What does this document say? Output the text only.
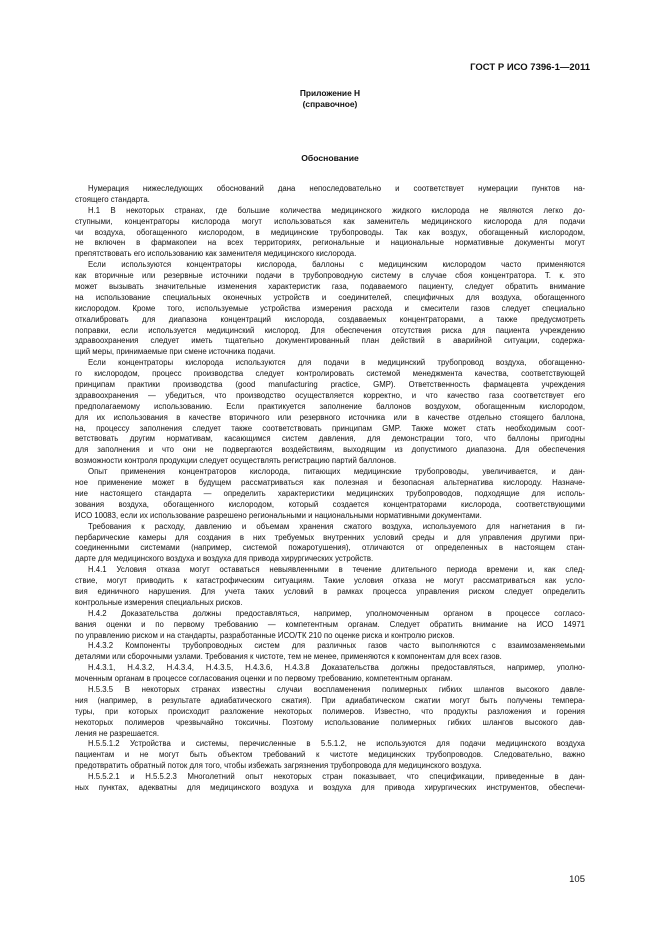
ГОСТ Р ИСО 7396-1—2011

Приложение Н
(справочное)

Обоснование

Нумерация нижеследующих обоснований дана непоследовательно и соответствует нумерации пунктов на-
стоящего стандарта.

Н.1 В некоторых странах, где большие количества медицинского жидкого кислорода не являются легко до-
ступными, концентраторы кислорода могут использоваться как заменитель медицинского кислорода для подачи
чи воздуха, обогащенного кислородом, в медицинские трубопроводы. Так как воздух, обогащенный кислородом,
не включен в фармакопеи на всех территориях, региональные и национальные нормативные документы могут
препятствовать его использованию как заменителя медицинского кислорода.

Если используются концентраторы кислорода, баллоны с медицинским кислородом часто применяются
как вторичные или резервные источники подачи в трубопроводную систему в случае сбоя концентратора. Т. к. это
может вызывать значительные изменения характеристик газа, подаваемого пациенту, следует обратить внимание
на использование специальных оконечных устройств и соединителей, специфичных для воздуха, обогащенного
кислородом. Кроме того, используемые устройства измерения расхода и смесители газов следует специально
откалибровать для диапазона концентраций кислорода, создаваемых концентраторами, а также предусмотреть
поправки, если используется медицинский кислород. Для обеспечения отсутствия риска для пациента учреждению
здравоохранения следует иметь тщательно документированный план действий в аварийной ситуации, содержа-
щий меры, принимаемые при смене источника подачи.

Если концентраторы кислорода используются для подачи в медицинский трубопровод воздуха, обогащенно-
го кислородом, процесс производства следует контролировать системой менеджмента качества, соответствующей
принципам практики производства (good manufacturing practice, GMP). Ответственность фармацевта учреждения
здравоохранения — убедиться, что производство осуществляется корректно, и что качество газа соответствует его
предполагаемому использованию. Если практикуется заполнение баллонов воздухом, обогащенным кислородом,
для их использования в качестве вторичного или резервного источника или в качестве отдельно стоящего баллона,
на, процессу заполнения следует также соответствовать принципам GMP. Также может стать необходимым соот-
ветствовать другим нормативам, касающимся систем давления, для демонстрации того, что баллоны пригодны
для заполнения и что они не подвергаются воздействиям, выходящим из допустимого диапазона. Для обеспечения
возможности контроля продукции следует осуществлять регистрацию партий баллонов.

Опыт применения концентраторов кислорода, питающих медицинские трубопроводы, увеличивается, и дан-
ное применение может в будущем рассматриваться как полезная и безопасная альтернатива кислороду. Назначе-
ние настоящего стандарта — определить характеристики медицинских трубопроводов, подходящие для исполь-
зования воздуха, обогащенного кислородом, который создается концентраторами кислорода, соответствующими
ИСО 10083, если их использование разрешено региональными и национальными нормативными документами.

Требования к расходу, давлению и объемам хранения сжатого воздуха, используемого для нагнетания в ги-
пербарические камеры для создания в них требуемых внутренних условий среды и для управления другими при-
соединенными системами (например, системой пожаротушения), отличаются от определенных в настоящем стан-
дарте для медицинского воздуха и воздуха для привода хирургических устройств.

Н.4.1 Условия отказа могут оставаться невыявленными в течение длительного периода времени и, как след-
ствие, могут приводить к катастрофическим ситуациям. Такие условия отказа не могут рассматриваться как усло-
вия единичного нарушения. Для учета таких условий в рамках процесса управления риском следует определить
контрольные измерения специальных рисков.

Н.4.2 Доказательства должны предоставляться, например, уполномоченным органом в процессе согласо-
вания оценки и по первому требованию — компетентным органам. Следует обратить внимание на ИСО 14971
по управлению риском и на стандарты, разработанные ИСО/ТК 210 по оценке риска и контролю рисков.

Н.4.3.2 Компоненты трубопроводных систем для различных газов часто выполняются с взаимозаменяемыми
деталями или сборочными узлами. Требования к чистоте, тем не менее, применяются к компонентам для всех газов.

Н.4.3.1, Н.4.3.2, Н.4.3.4, Н.4.3.5, Н.4.3.6, Н.4.3.8 Доказательства должны предоставляться, например, уполно-
моченным органам в процессе согласования оценки и по первому требованию, компетентным органам.

Н.5.3.5 В некоторых странах известны случаи воспламенения полимерных гибких шлангов высокого давле-
ния (например, в результате адиабатического сжатия). При адиабатическом сжатии могут быть получены темпера-
туры, при которых происходит разложение некоторых полимеров. Известно, что продукты разложения и горения
некоторых полимеров чрезвычайно токсичны. Поэтому использование полимерных гибких шлангов высокого дав-
ления не разрешается.

Н.5.5.1.2 Устройства и системы, перечисленные в 5.5.1.2, не используются для подачи медицинского воздуха
пациентам и не могут быть объектом требований к чистоте медицинских трубопроводов. Следовательно, важно
предотвратить обратный поток для того, чтобы избежать загрязнения трубопровода для медицинского воздуха.

Н.5.5.2.1 и Н.5.5.2.3 Многолетний опыт некоторых стран показывает, что спецификации, приведенные в дан-
ных пунктах, адекватны для медицинского воздуха и воздуха для привода хирургических инструментов, обеспечи-

105
